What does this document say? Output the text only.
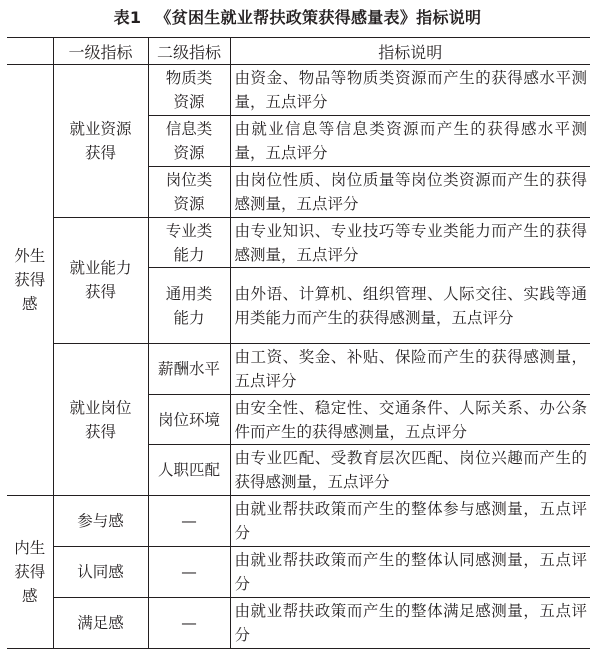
表1 《贫困生就业帮扶政策获得感量表》指标说明
	一级指标	二级指标	指标说明

外生获得感	就业资源获得	物质类资源	由资金、物品等物质类资源而产生的获得感水平测量，五点评分

		信息类资源	由就业信息等信息类资源而产生的获得感水平测量，五点评分

		岗位类资源	由岗位性质、岗位质量等岗位类资源而产生的获得感测量，五点评分

	就业能力获得	专业类能力	由专业知识、专业技巧等专业类能力而产生的获得感测量，五点评分

		通用类能力	由外语、计算机、组织管理、人际交往、实践等通用类能力而产生的获得感测量，五点评分

	就业岗位获得	薪酬水平	由工资、奖金、补贴、保险而产生的获得感测量，五点评分
		岗位环境	由安全性、稳定性、交通条件、人际关系、办公条件而产生的获得感测量，五点评分
		人职匹配	由专业匹配、受教育层次匹配、岗位兴趣而产生的获得感测量，五点评分

内生获得感	参与感	—	由就业帮扶政策而产生的整体参与感测量，五点评分
	认同感	—	由就业帮扶政策而产生的整体认同感测量，五点评分
	满足感	—	由就业帮扶政策而产生的整体满足感测量，五点评分
